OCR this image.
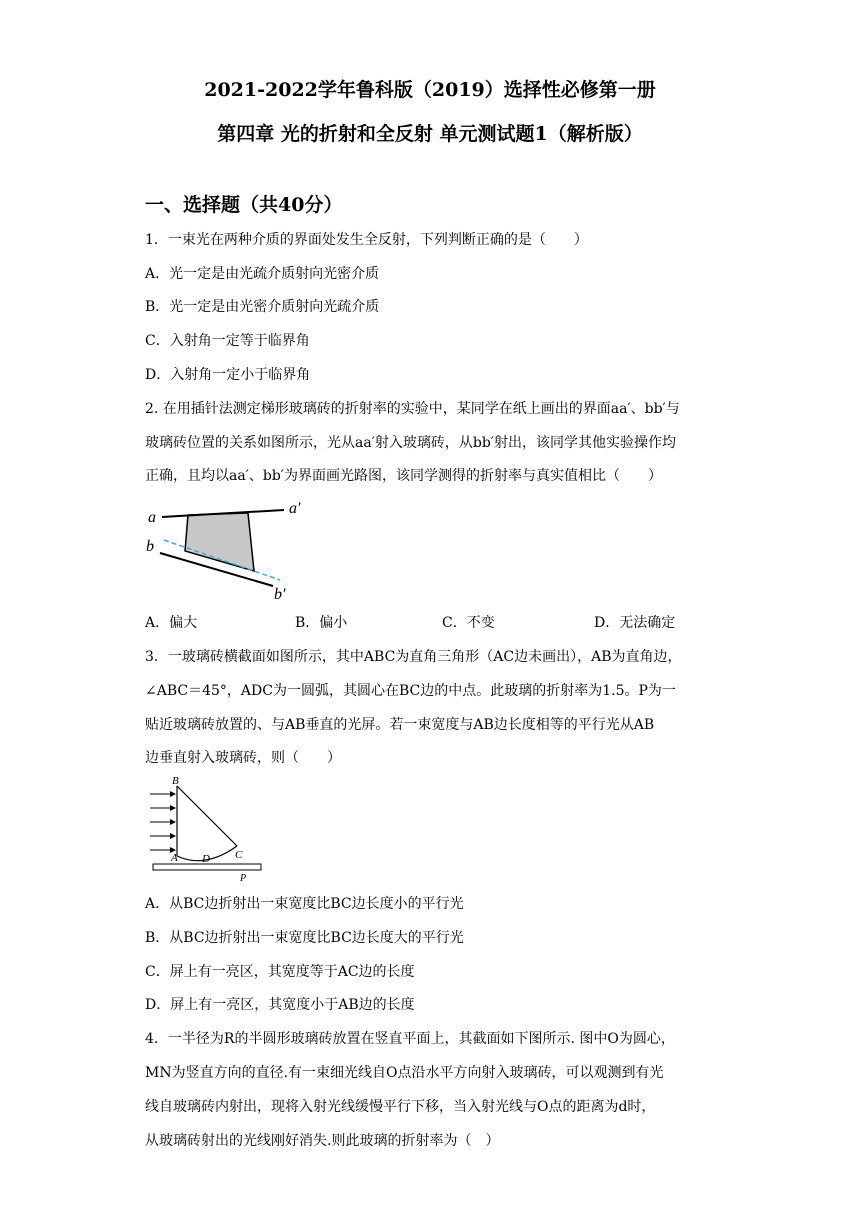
2021-2022学年鲁科版（2019）选择性必修第一册
第四章 光的折射和全反射 单元测试题1（解析版）
一、选择题（共40分）
1．一束光在两种介质的界面处发生全反射，下列判断正确的是（　　）
A．光一定是由光疏介质射向光密介质
B．光一定是由光密介质射向光疏介质
C．入射角一定等于临界角
D．入射角一定小于临界角
2. 在用插针法测定梯形玻璃砖的折射率的实验中，某同学在纸上画出的界面aa′、bb′与
玻璃砖位置的关系如图所示，光从aa′射入玻璃砖，从bb′射出，该同学其他实验操作均
正确，且均以aa′、bb′为界面画光路图，该同学测得的折射率与真实值相比（　　）
a
a′
b
b′
A．偏大	B．偏小	C．不变	D．无法确定
3．一玻璃砖横截面如图所示，其中ABC为直角三角形（AC边未画出），AB为直角边，
∠ABC＝45°，ADC为一圆弧，其圆心在BC边的中点。此玻璃的折射率为1.5。P为一
贴近玻璃砖放置的、与AB垂直的光屏。若一束宽度与AB边长度相等的平行光从AB
边垂直射入玻璃砖，则（　　）
B
A D C
P
A．从BC边折射出一束宽度比BC边长度小的平行光
B．从BC边折射出一束宽度比BC边长度大的平行光
C．屏上有一亮区，其宽度等于AC边的长度
D．屏上有一亮区，其宽度小于AB边的长度
4．一半径为R的半圆形玻璃砖放置在竖直平面上，其截面如下图所示. 图中O为圆心，
MN为竖直方向的直径.有一束细光线自O点沿水平方向射入玻璃砖，可以观测到有光
线自玻璃砖内射出，现将入射光线缓慢平行下移，当入射光线与O点的距离为d时，
从玻璃砖射出的光线刚好消失.则此玻璃的折射率为（　）
